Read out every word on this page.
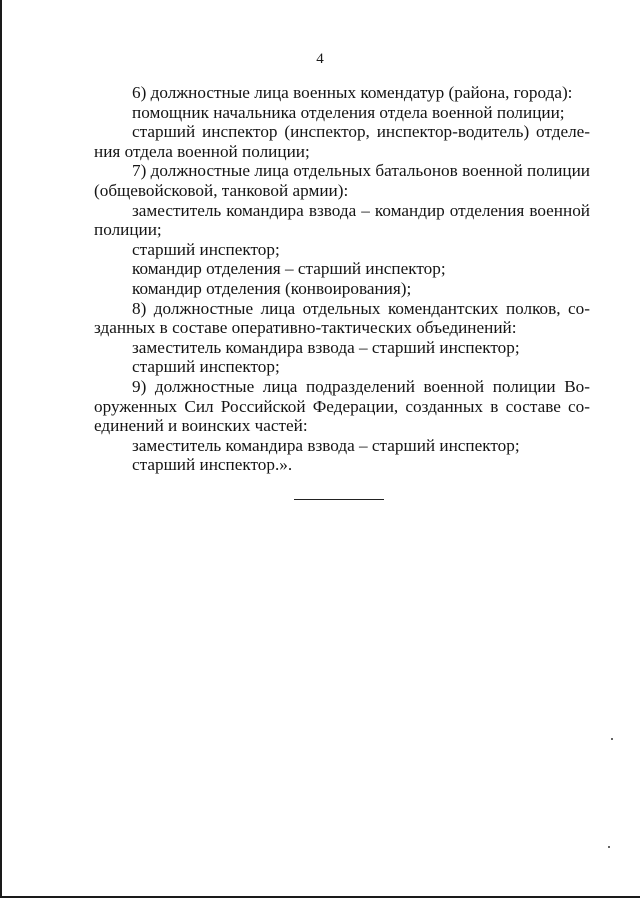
4

6) должностные лица военных комендатур (района, города):

помощник начальника отделения отдела военной полиции;

старший инспектор (инспектор, инспектор-водитель) отделе-
ния отдела военной полиции;

7) должностные лица отдельных батальонов военной полиции
(общевойсковой, танковой армии):

заместитель командира взвода – командир отделения военной
полиции;

старший инспектор;

командир отделения – старший инспектор;

командир отделения (конвоирования);

8) должностные лица отдельных комендантских полков, со-
зданных в составе оперативно-тактических объединений:

заместитель командира взвода – старший инспектор;

старший инспектор;

9) должностные лица подразделений военной полиции Во-
оруженных Сил Российской Федерации, созданных в составе со-
единений и воинских частей:

заместитель командира взвода – старший инспектор;

старший инспектор.».
